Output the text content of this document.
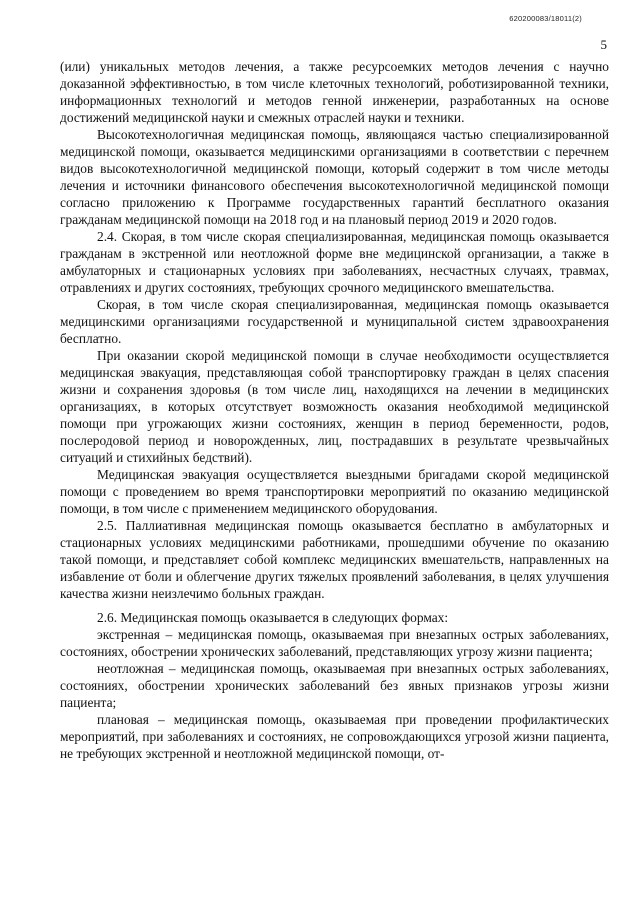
620200083/18011(2)
5

(или) уникальных методов лечения, а также ресурсоемких методов лечения с научно доказанной эффективностью, в том числе клеточных технологий, роботизированной техники, информационных технологий и методов генной инженерии, разработанных на основе достижений медицинской науки и смежных отраслей науки и техники.

Высокотехнологичная медицинская помощь, являющаяся частью специализированной медицинской помощи, оказывается медицинскими организациями в соответствии с перечнем видов высокотехнологичной медицинской помощи, который содержит в том числе методы лечения и источники финансового обеспечения высокотехнологичной медицинской помощи согласно приложению к Программе государственных гарантий бесплатного оказания гражданам медицинской помощи на 2018 год и на плановый период 2019 и 2020 годов.

2.4. Скорая, в том числе скорая специализированная, медицинская помощь оказывается гражданам в экстренной или неотложной форме вне медицинской организации, а также в амбулаторных и стационарных условиях при заболеваниях, несчастных случаях, травмах, отравлениях и других состояниях, требующих срочного медицинского вмешательства.

Скорая, в том числе скорая специализированная, медицинская помощь оказывается медицинскими организациями государственной и муниципальной систем здравоохранения бесплатно.

При оказании скорой медицинской помощи в случае необходимости осуществляется медицинская эвакуация, представляющая собой транспортировку граждан в целях спасения жизни и сохранения здоровья (в том числе лиц, находящихся на лечении в медицинских организациях, в которых отсутствует возможность оказания необходимой медицинской помощи при угрожающих жизни состояниях, женщин в период беременности, родов, послеродовой период и новорожденных, лиц, пострадавших в результате чрезвычайных ситуаций и стихийных бедствий).

Медицинская эвакуация осуществляется выездными бригадами скорой медицинской помощи с проведением во время транспортировки мероприятий по оказанию медицинской помощи, в том числе с применением медицинского оборудования.

2.5. Паллиативная медицинская помощь оказывается бесплатно в амбулаторных и стационарных условиях медицинскими работниками, прошедшими обучение по оказанию такой помощи, и представляет собой комплекс медицинских вмешательств, направленных на избавление от боли и облегчение других тяжелых проявлений заболевания, в целях улучшения качества жизни неизлечимо больных граждан.

2.6. Медицинская помощь оказывается в следующих формах:

экстренная – медицинская помощь, оказываемая при внезапных острых заболеваниях, состояниях, обострении хронических заболеваний, представляющих угрозу жизни пациента;

неотложная – медицинская помощь, оказываемая при внезапных острых заболеваниях, состояниях, обострении хронических заболеваний без явных признаков угрозы жизни пациента;

плановая – медицинская помощь, оказываемая при проведении профилактических мероприятий, при заболеваниях и состояниях, не сопровождающихся угрозой жизни пациента, не требующих экстренной и неотложной медицинской помощи, от-
